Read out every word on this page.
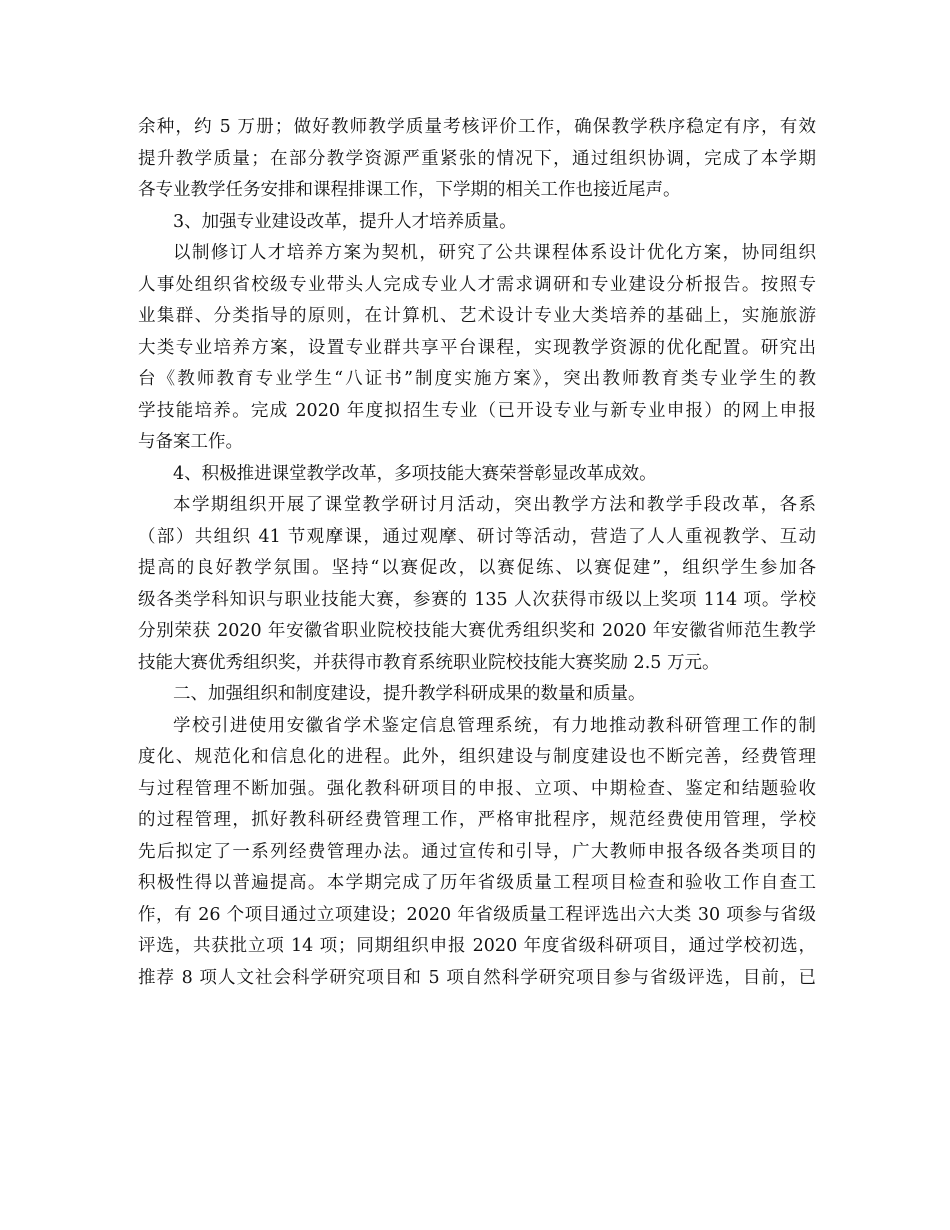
余种，约 5 万册；做好教师教学质量考核评价工作，确保教学秩序稳定有序，有效
提升教学质量；在部分教学资源严重紧张的情况下，通过组织协调，完成了本学期
各专业教学任务安排和课程排课工作，下学期的相关工作也接近尾声。
3、加强专业建设改革，提升人才培养质量。
以制修订人才培养方案为契机，研究了公共课程体系设计优化方案，协同组织
人事处组织省校级专业带头人完成专业人才需求调研和专业建设分析报告。按照专
业集群、分类指导的原则，在计算机、艺术设计专业大类培养的基础上，实施旅游
大类专业培养方案，设置专业群共享平台课程，实现教学资源的优化配置。研究出
台《教师教育专业学生“八证书”制度实施方案》，突出教师教育类专业学生的教
学技能培养。完成 2020 年度拟招生专业（已开设专业与新专业申报）的网上申报
与备案工作。
4、积极推进课堂教学改革，多项技能大赛荣誉彰显改革成效。
本学期组织开展了课堂教学研讨月活动，突出教学方法和教学手段改革，各系
（部）共组织 41 节观摩课，通过观摩、研讨等活动，营造了人人重视教学、互动
提高的良好教学氛围。坚持“以赛促改，以赛促练、以赛促建”，组织学生参加各
级各类学科知识与职业技能大赛，参赛的 135 人次获得市级以上奖项 114 项。学校
分别荣获 2020 年安徽省职业院校技能大赛优秀组织奖和 2020 年安徽省师范生教学
技能大赛优秀组织奖，并获得市教育系统职业院校技能大赛奖励 2.5 万元。
二、加强组织和制度建设，提升教学科研成果的数量和质量。
学校引进使用安徽省学术鉴定信息管理系统，有力地推动教科研管理工作的制
度化、规范化和信息化的进程。此外，组织建设与制度建设也不断完善，经费管理
与过程管理不断加强。强化教科研项目的申报、立项、中期检查、鉴定和结题验收
的过程管理，抓好教科研经费管理工作，严格审批程序，规范经费使用管理，学校
先后拟定了一系列经费管理办法。通过宣传和引导，广大教师申报各级各类项目的
积极性得以普遍提高。本学期完成了历年省级质量工程项目检查和验收工作自查工
作，有 26 个项目通过立项建设；2020 年省级质量工程评选出六大类 30 项参与省级
评选，共获批立项 14 项；同期组织申报 2020 年度省级科研项目，通过学校初选，
推荐 8 项人文社会科学研究项目和 5 项自然科学研究项目参与省级评选，目前，已
